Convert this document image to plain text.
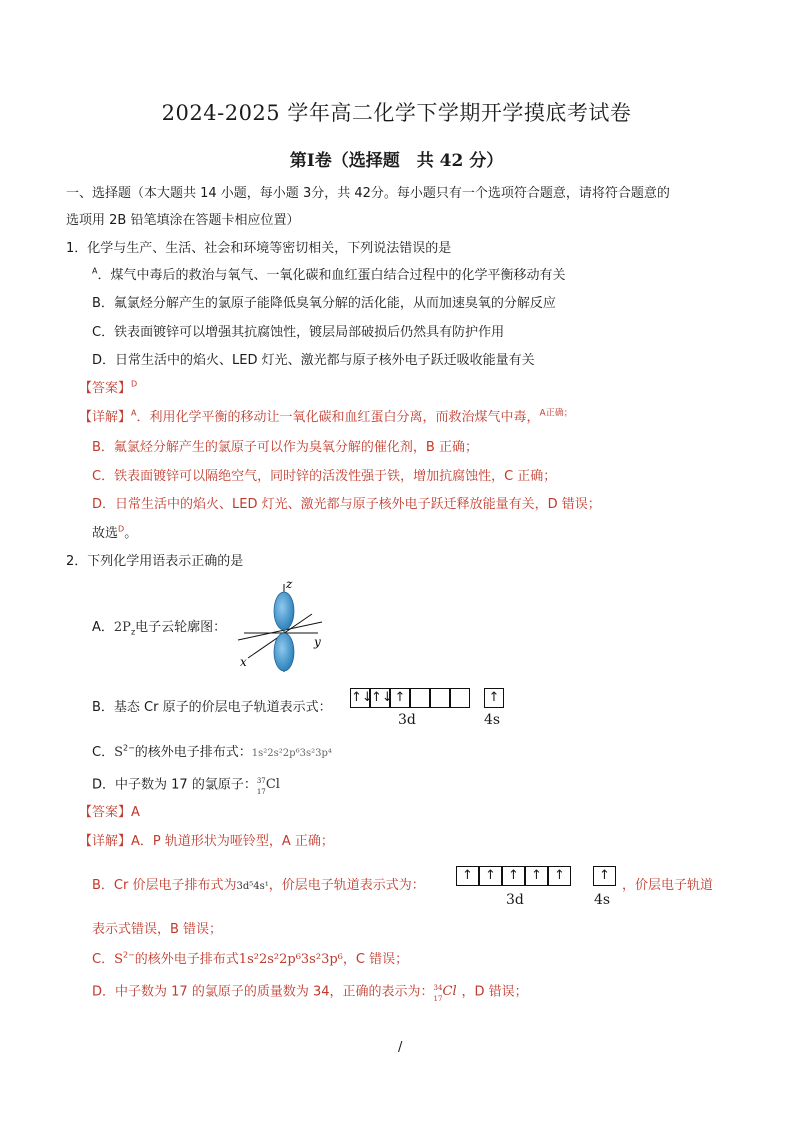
2024-2025 学年高二化学下学期开学摸底考试卷
第Ⅰ卷（选择题　共 42 分）
一、选择题（本大题共 14 小题，每小题 3分，共 42分。每小题只有一个选项符合题意，请将符合题意的
选项用 2B 铅笔填涂在答题卡相应位置）
1．化学与生产、生活、社会和环境等密切相关，下列说法错误的是
$^A$．煤气中毒后的救治与氧气、一氧化碳和血红蛋白结合过程中的化学平衡移动有关
B．氟氯烃分解产生的氯原子能降低臭氧分解的活化能，从而加速臭氧的分解反应
C．铁表面镀锌可以增强其抗腐蚀性，镀层局部破损后仍然具有防护作用
D．日常生活中的焰火、LED 灯光、激光都与原子核外电子跃迁吸收能量有关
【答案】$^D$
【详解】$^A$．利用化学平衡的移动让一氧化碳和血红蛋白分离，而救治煤气中毒，$^{A正确;}$
B．氟氯烃分解产生的氯原子可以作为臭氧分解的催化剂，B 正确；
C．铁表面镀锌可以隔绝空气，同时锌的活泼性强于铁，增加抗腐蚀性，C 正确；
D．日常生活中的焰火、LED 灯光、激光都与原子核外电子跃迁释放能量有关，D 错误；
故选$^D$。
2．下列化学用语表示正确的是
A．$2P_z$电子云轮廓图：
z
y
x
B．基态 Cr 原子的价层电子轨道表示式：
↑↓
↑↓ ↑	↑
3d	4s
C．$S^{2-}$的核外电子排布式：1s²2s²2p⁶3s²3p⁴
D．中子数为 17 的氯原子： 37
17 Cl
【答案】A
【详解】A．P 轨道形状为哑铃型，A 正确；
B．Cr 价层电子排布式为3d⁵4s¹，价层电子轨道表示式为：
↑ ↑ ↑ ↑ ↑	↑
3d	4s
，价层电子轨道
表示式错误，B 错误；
C．$S^{2-}$的核外电子排布式1s²2s²2p⁶3s²3p⁶，C 错误；
D．中子数为 17 的氯原子的质量数为 34，正确的表示为： 34
17 Cl ，D 错误；
/
